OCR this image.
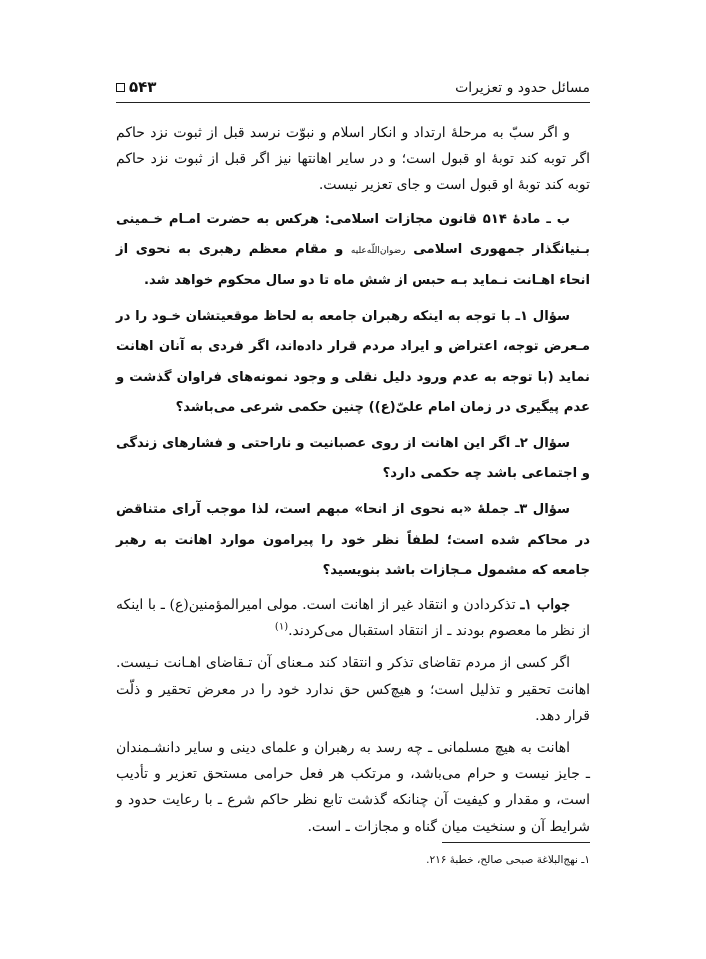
مسائل حدود و تعزیرات
۵۴۳

و اگر سبّ به مرحلهٔ ارتداد و انکار اسلام و نبوّت نرسد قبل از ثبوت نزد حاکم اگر توبه کند توبهٔ او قبول است؛ و در سایر اهانتها نیز اگر قبل از ثبوت نزد حاکم توبه کند توبهٔ او قبول است و جای تعزیر نیست.

ب ـ مادهٔ ۵۱۴ قانون مجازات اسلامی: هرکس به حضرت امـام خـمینی بـنیانگذار جمهوری اسلامی رضوان‌اللّه‌علیه و مقام معظم رهبری به نحوی از انحاء اهـانت نـماید بـه حبس از شش ماه تا دو سال محکوم خواهد شد.

سؤال ۱ـ با توجه به اینکه رهبران جامعه به لحاظ موقعیتشان خـود را در مـعرض توجه، اعتراض و ایراد مردم قرار داده‌اند، اگر فردی به آنان اهانت نماید (با توجه به عدم ورود دلیل نقلی و وجود نمونه‌های فراوان گذشت و عدم پیگیری در زمان امام علیّ(ع)) چنین حکمی شرعی می‌باشد؟

سؤال ۲ـ اگر این اهانت از روی عصبانیت و ناراحتی و فشارهای زندگی و اجتماعی باشد چه حکمی دارد؟

سؤال ۳ـ جملهٔ «به نحوی از انحا» مبهم است، لذا موجب آرای متناقض در محاکم شده است؛ لطفاً نظر خود را پیرامون موارد اهانت به رهبر جامعه که مشمول مـجازات باشد بنویسید؟

جواب ۱ـ تذکردادن و انتقاد غیر از اهانت است. مولی امیرالمؤمنین(ع) ـ با اینکه از نظر ما معصوم بودند ـ از انتقاد استقبال می‌کردند.$^{(۱)}$

اگر کسی از مردم تقاضای تذکر و انتقاد کند مـعنای آن تـقاضای اهـانت نـیست. اهانت تحقیر و تذلیل است؛ و هیچ‌کس حق ندارد خود را در معرض تحقیر و ذلّت قرار دهد.

اهانت به هیچ مسلمانی ـ چه رسد به رهبران و علمای دینی و سایر دانشـمندان ـ جایز نیست و حرام می‌باشد، و مرتکب هر فعل حرامی مستحق تعزیر و تأدیب است، و مقدار و کیفیت آن چنانکه گذشت تابع نظر حاکم شرع ـ با رعایت حدود و شرایط آن و سنخیت میان گناه و مجازات ـ است.

۱ـ نهج‌البلاغة صبحی صالح، خطبهٔ ۲۱۶.
